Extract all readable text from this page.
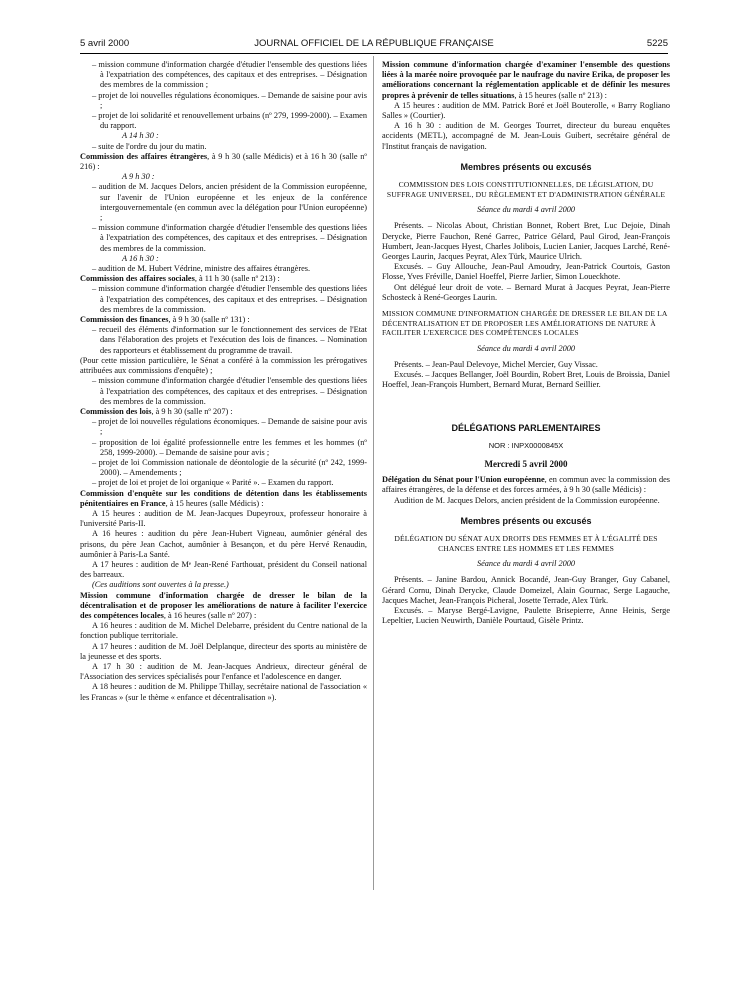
5 avril 2000	JOURNAL OFFICIEL DE LA RÉPUBLIQUE FRANÇAISE	5225

– mission commune d'information chargée d'étudier l'ensemble des questions liées à l'expatriation des compétences, des capitaux et des entreprises. – Désignation des membres de la commission ;

– projet de loi nouvelles régulations économiques. – Demande de saisine pour avis ;

– projet de loi solidarité et renouvellement urbains (nº 279, 1999-2000). – Examen du rapport.

A 14 h 30 :

– suite de l'ordre du jour du matin.

Commission des affaires étrangères, à 9 h 30 (salle Médicis) et à 16 h 30 (salle nº 216) :

A 9 h 30 :

– audition de M. Jacques Delors, ancien président de la Commission européenne, sur l'avenir de l'Union européenne et les enjeux de la conférence intergouvernementale (en commun avec la délégation pour l'Union européenne) ;

– mission commune d'information chargée d'étudier l'ensemble des questions liées à l'expatriation des compétences, des capitaux et des entreprises. – Désignation des membres de la commission.

A 16 h 30 :

– audition de M. Hubert Védrine, ministre des affaires étrangères.

Commission des affaires sociales, à 11 h 30 (salle nº 213) :

– mission commune d'information chargée d'étudier l'ensemble des questions liées à l'expatriation des compétences, des capitaux et des entreprises. – Désignation des membres de la commission.

Commission des finances, à 9 h 30 (salle nº 131) :

– recueil des éléments d'information sur le fonctionnement des services de l'Etat dans l'élaboration des projets et l'exécution des lois de finances. – Nomination des rapporteurs et établissement du programme de travail.

(Pour cette mission particulière, le Sénat a conféré à la commission les prérogatives attribuées aux commissions d'enquête) ;

– mission commune d'information chargée d'étudier l'ensemble des questions liées à l'expatriation des compétences, des capitaux et des entreprises. – Désignation des membres de la commission.

Commission des lois, à 9 h 30 (salle nº 207) :

– projet de loi nouvelles régulations économiques. – Demande de saisine pour avis ;

– proposition de loi égalité professionnelle entre les femmes et les hommes (nº 258, 1999-2000). – Demande de saisine pour avis ;

– projet de loi Commission nationale de déontologie de la sécurité (nº 242, 1999-2000). – Amendements ;

– projet de loi et projet de loi organique « Parité ». – Examen du rapport.

Commission d'enquête sur les conditions de détention dans les établissements pénitentiaires en France, à 15 heures (salle Médicis) :

A 15 heures : audition de M. Jean-Jacques Dupeyroux, professeur honoraire à l'université Paris-II.

A 16 heures : audition du père Jean-Hubert Vigneau, aumônier général des prisons, du père Jean Cachot, aumônier à Besançon, et du père Hervé Renaudin, aumônier à Paris-La Santé.

A 17 heures : audition de Mᵉ Jean-René Farthouat, président du Conseil national des barreaux.

(Ces auditions sont ouvertes à la presse.)

Mission commune d'information chargée de dresser le bilan de la décentralisation et de proposer les améliorations de nature à faciliter l'exercice des compétences locales, à 16 heures (salle nº 207) :

A 16 heures : audition de M. Michel Delebarre, président du Centre national de la fonction publique territoriale.

A 17 heures : audition de M. Joël Delplanque, directeur des sports au ministère de la jeunesse et des sports.

A 17 h 30 : audition de M. Jean-Jacques Andrieux, directeur général de l'Association des services spécialisés pour l'enfance et l'adolescence en danger.

A 18 heures : audition de M. Philippe Thillay, secrétaire national de l'association « les Francas » (sur le thème « enfance et décentralisation »).

Mission commune d'information chargée d'examiner l'ensemble des questions liées à la marée noire provoquée par le naufrage du navire Erika, de proposer les améliorations concernant la réglementation applicable et de définir les mesures propres à prévenir de telles situations, à 15 heures (salle nº 213) :

A 15 heures : audition de MM. Patrick Boré et Joël Bouterolle, « Barry Rogliano Salles » (Courtier).

A 16 h 30 : audition de M. Georges Tourret, directeur du bureau enquêtes accidents (METL), accompagné de M. Jean-Louis Guibert, secrétaire général de l'Institut français de navigation.

Membres présents ou excusés

COMMISSION DES LOIS CONSTITUTIONNELLES, DE LÉGISLATION, DU SUFFRAGE UNIVERSEL, DU RÈGLEMENT ET D'ADMINISTRATION GÉNÉRALE

Séance du mardi 4 avril 2000

Présents. – Nicolas About, Christian Bonnet, Robert Bret, Luc Dejoie, Dinah Derycke, Pierre Fauchon, René Garrec, Patrice Gélard, Paul Girod, Jean-François Humbert, Jean-Jacques Hyest, Charles Jolibois, Lucien Lanier, Jacques Larché, René-Georges Laurin, Jacques Peyrat, Alex Türk, Maurice Ulrich.

Excusés. – Guy Allouche, Jean-Paul Amoudry, Jean-Patrick Courtois, Gaston Flosse, Yves Fréville, Daniel Hoeffel, Pierre Jarlier, Simon Loueckhote.

Ont délégué leur droit de vote. – Bernard Murat à Jacques Peyrat, Jean-Pierre Schosteck à René-Georges Laurin.

MISSION COMMUNE D'INFORMATION CHARGÉE DE DRESSER LE BILAN DE LA DÉCENTRALISATION ET DE PROPOSER LES AMÉLIORATIONS DE NATURE À FACILITER L'EXERCICE DES COMPÉTENCES LOCALES

Séance du mardi 4 avril 2000

Présents. – Jean-Paul Delevoye, Michel Mercier, Guy Vissac.

Excusés. – Jacques Bellanger, Joël Bourdin, Robert Bret, Louis de Broissia, Daniel Hoeffel, Jean-François Humbert, Bernard Murat, Bernard Seillier.

DÉLÉGATIONS PARLEMENTAIRES

NOR : INPX0000845X

Mercredi 5 avril 2000

Délégation du Sénat pour l'Union européenne, en commun avec la commission des affaires étrangères, de la défense et des forces armées, à 9 h 30 (salle Médicis) :

Audition de M. Jacques Delors, ancien président de la Commission européenne.

Membres présents ou excusés

DÉLÉGATION DU SÉNAT AUX DROITS DES FEMMES ET À L'ÉGALITÉ DES CHANCES ENTRE LES HOMMES ET LES FEMMES

Séance du mardi 4 avril 2000

Présents. – Janine Bardou, Annick Bocandé, Jean-Guy Branger, Guy Cabanel, Gérard Cornu, Dinah Derycke, Claude Domeizel, Alain Gournac, Serge Lagauche, Jacques Machet, Jean-François Picheral, Josette Terrade, Alex Türk.

Excusés. – Maryse Bergé-Lavigne, Paulette Brisepierre, Anne Heinis, Serge Lepeltier, Lucien Neuwirth, Danièle Pourtaud, Gisèle Printz.
